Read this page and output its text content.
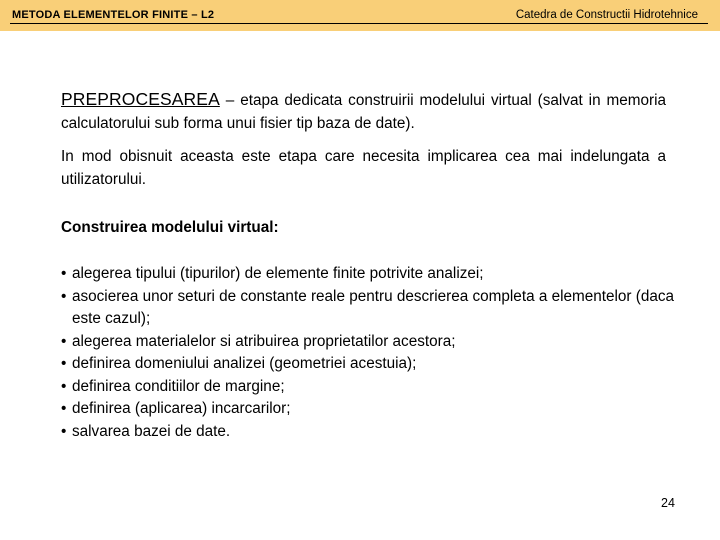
METODA ELEMENTELOR FINITE – L2	Catedra de Constructii Hidrotehnice
PREPROCESAREA – etapa dedicata construirii modelului virtual (salvat in memoria calculatorului sub forma unui fisier tip baza de date).
In mod obisnuit aceasta este etapa care necesita implicarea cea mai indelungata a utilizatorului.
Construirea modelului virtual:
• alegerea tipului (tipurilor) de elemente finite potrivite analizei;
• asocierea unor seturi de constante reale pentru descrierea completa a elementelor (daca este cazul);
• alegerea materialelor si atribuirea proprietatilor acestora;
• definirea domeniului analizei (geometriei acestuia);
• definirea conditiilor de margine;
• definirea (aplicarea) incarcarilor;
• salvarea bazei de date.
24
